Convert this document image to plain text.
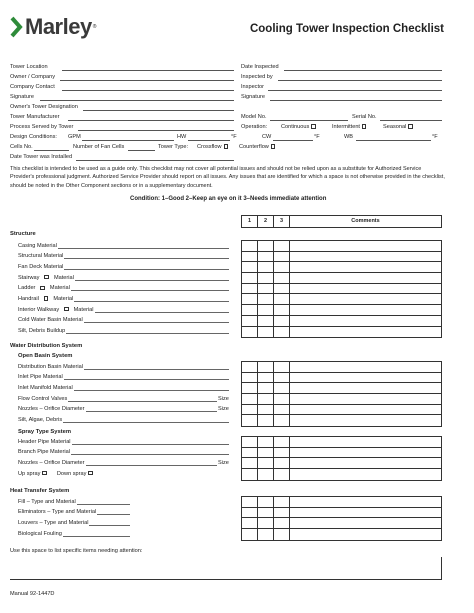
Marley ®	Cooling Tower Inspection Checklist
Tower Location
Owner / Company
Company Contact
Signature
Owner's Tower Designation
Tower Manufacturer
Process Served by Tower
Design Conditions: GPM	HW	°F	CW	°F	WB	°F
Cells No.	Number of Fan Cells	Tower Type: Crossflow	Counterflow
Date Tower was Installed
Date Inspected
Inspected by
Inspector
Signature
Model No.	Serial No.
Operation: Continuous	Intermittent	Seasonal
This checklist is intended to be used as a guide only. This checklist may not cover all potential issues and should not be relied upon as a substitute for Authorized Service Provider's professional judgment. Authorized Service Provider should report on all issues. Any issues that are identified for which a space is not otherwise provided in the checklist, should be noted in the Other Component sections or in a supplementary document.
Condition: 1–Good 2–Keep an eye on it 3–Needs immediate attention
1	2	3	Comments
Structure
Casing Material
Structural Material
Fan Deck Material
Stairway	Material
Ladder	Material
Handrail	Material
Interior Walkway	Material
Cold Water Basin Material
Silt, Debris Buildup
Water Distribution System
Open Basin System
Distribution Basin Material
Inlet Pipe Material
Inlet Manifold Material
Flow Control Valves	Size
Nozzles – Orifice Diameter	Size
Silt, Algae, Debris
Spray Type System
Header Pipe Material
Branch Pipe Material
Nozzles – Orifice Diameter	Size
Up spray	Down spray
Heat Transfer System
Fill – Type and Material
Eliminators – Type and Material
Louvers – Type and Material
Biological Fouling
Use this space to list specific items needing attention:
Manual 92-1447D
